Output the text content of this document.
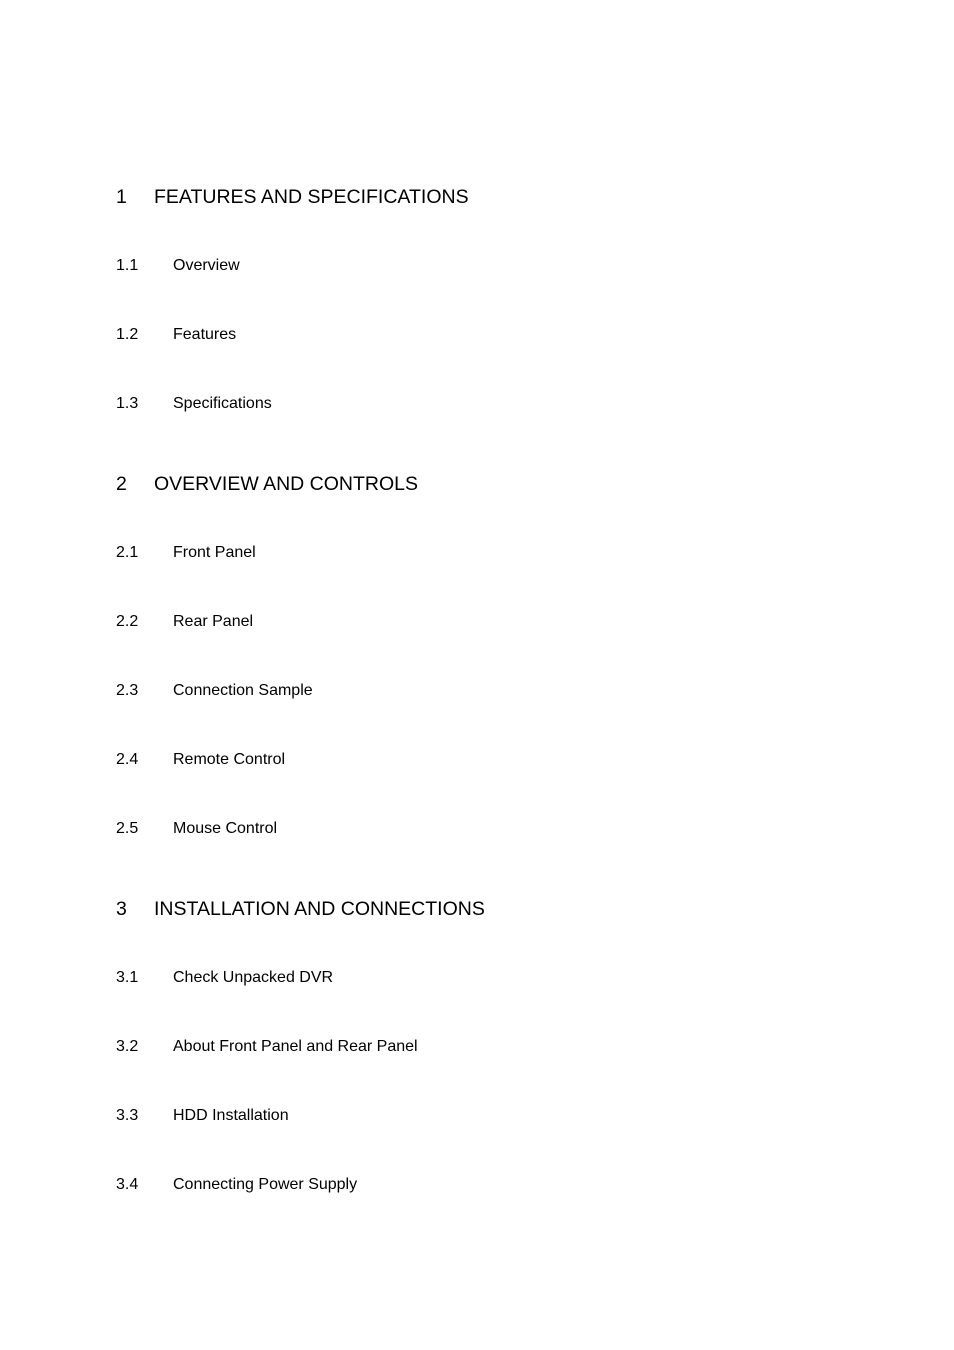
1 FEATURES AND SPECIFICATIONS
1.1 Overview
1.2 Features
1.3 Specifications
2 OVERVIEW AND CONTROLS
2.1 Front Panel
2.2 Rear Panel
2.3 Connection Sample
2.4 Remote Control
2.5 Mouse Control
3 INSTALLATION AND CONNECTIONS
3.1 Check Unpacked DVR
3.2 About Front Panel and Rear Panel
3.3 HDD Installation
3.4 Connecting Power Supply
